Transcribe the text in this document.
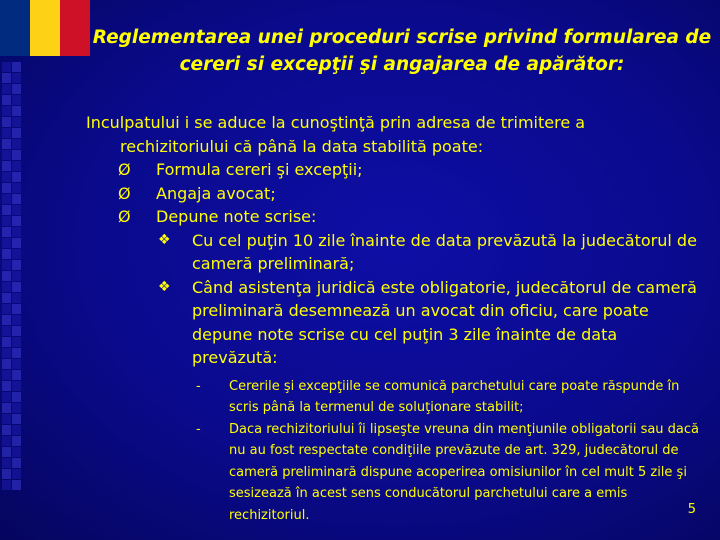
Reglementarea unei proceduri scrise privind formularea de cereri si excepţii şi angajarea de apărător:

Inculpatului i se aduce la cunoştinţă prin adresa de trimitere a
rechizitoriului că până la data stabilită poate:

Ø Formula cereri şi excepţii;
Ø Angaja avocat;
Ø Depune note scrise:
❖ Cu cel puţin 10 zile înainte de data prevăzută la judecătorul de cameră preliminară;
❖ Când asistenţa juridică este obligatorie, judecătorul de cameră preliminară desemnează un avocat din oficiu, care poate depune note scrise cu cel puţin 3 zile înainte de data prevăzută:
- Cererile şi excepţiile se comunică parchetului care poate răspunde în scris până la termenul de soluţionare stabilit;
- Daca rechizitoriului îi lipseşte vreuna din menţiunile obligatorii sau dacă nu au fost respectate condiţiile prevăzute de art. 329, judecătorul de cameră preliminară dispune acoperirea omisiunilor în cel mult 5 zile şi sesizează în acest sens conducătorul parchetului care a emis rechizitoriul.	5
